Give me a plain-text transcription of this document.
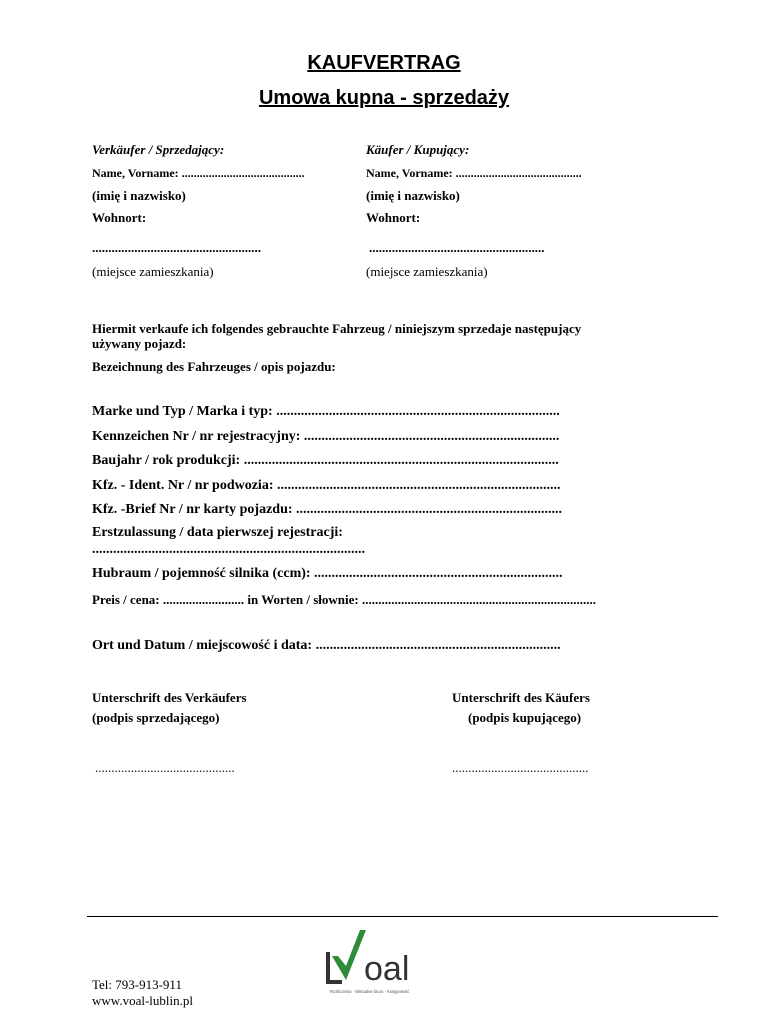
KAUFVERTRAG
Umowa kupna - sprzedaży
Verkäufer / Sprzedający:
Name, Vorname: .........................................
(imię i nazwisko)
Wohnort:
....................................................
(miejsce zamieszkania)
Käufer / Kupujący:
Name, Vorname: ..........................................
(imię i nazwisko)
Wohnort:
......................................................
(miejsce zamieszkania)
Hiermit verkaufe ich folgendes gebrauchte Fahrzeug / niniejszym sprzedaje następujący
używany pojazd:
Bezeichnung des Fahrzeuges / opis pojazdu:
Marke und Typ / Marka i typ: .................................................................................
Kennzeichen Nr / nr rejestracyjny: .........................................................................
Baujahr / rok produkcji: ..........................................................................................
Kfz. - Ident. Nr / nr podwozia: .................................................................................
Kfz. -Brief Nr / nr karty pojazdu: ............................................................................
Erstzulassung / data pierwszej rejestracji:
..............................................................................
Hubraum / pojemność silnika (ccm): .......................................................................
Preis / cena: ......................... in Worten / słownie: ........................................................................
Ort und Datum / miejscowość i data: ......................................................................
Unterschrift des Verkäufers
(podpis sprzedającego)
...........................................
Unterschrift des Käufers
(podpis kupującego)
..........................................
Tel: 793-913-911
www.voal-lublin.pl
oal
Rozliczenia · Wirtualne biuro · Księgowość
